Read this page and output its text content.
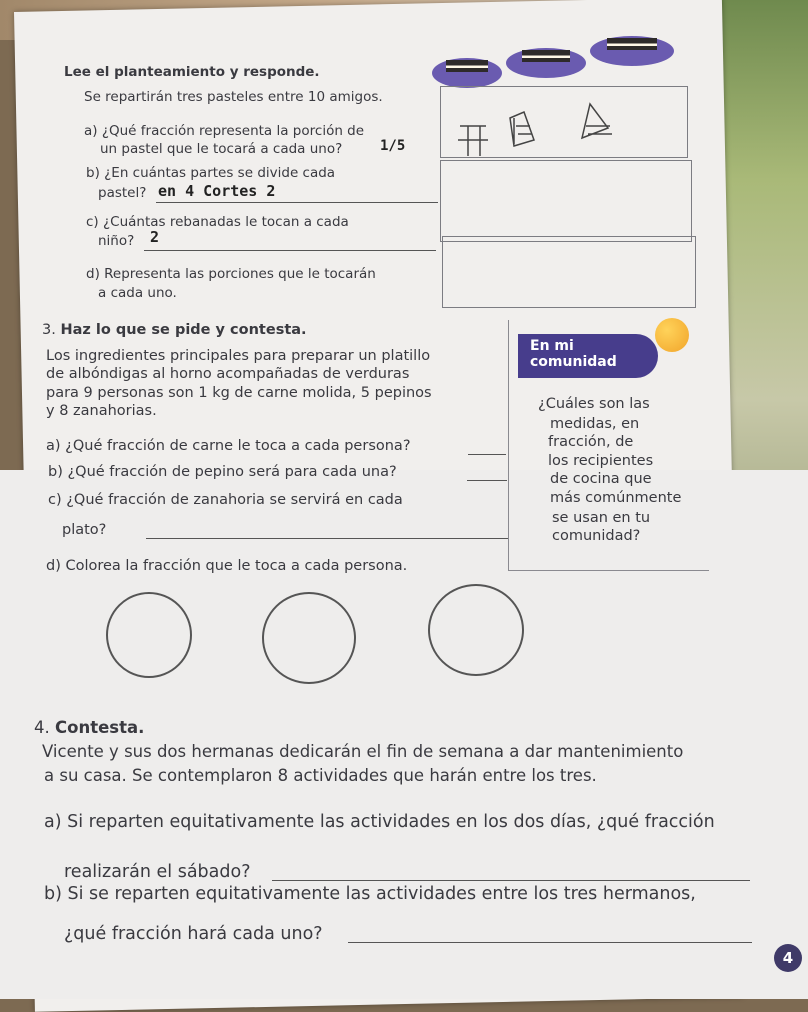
Lee el planteamiento y responde.
Se repartirán tres pasteles entre 10 amigos.
a) ¿Qué fracción representa la porción de
un pastel que le tocará a cada uno?	1/5
b) ¿En cuántas partes se divide cada
pastel? en 4 Cortes 2
c) ¿Cuántas rebanadas le tocan a cada
niño? 2
d) Representa las porciones que le tocarán
a cada uno.
3. Haz lo que se pide y contesta.
Los ingredientes principales para preparar un platillo
de albóndigas al horno acompañadas de verduras
para 9 personas son 1 kg de carne molida, 5 pepinos
y 8 zanahorias.
a) ¿Qué fracción de carne le toca a cada persona?
b) ¿Qué fracción de pepino será para cada una?
c) ¿Qué fracción de zanahoria se servirá en cada
plato?
d) Colorea la fracción que le toca a cada persona.
En mi
comunidad
¿Cuáles son las
medidas, en
fracción, de
los recipientes
de cocina que
más comúnmente
se usan en tu
comunidad?
4. Contesta.
Vicente y sus dos hermanas dedicarán el fin de semana a dar mantenimiento
a su casa. Se contemplaron 8 actividades que harán entre los tres.
a) Si reparten equitativamente las actividades en los dos días, ¿qué fracción
realizarán el sábado?
b) Si se reparten equitativamente las actividades entre los tres hermanos,
¿qué fracción hará cada uno?
4
